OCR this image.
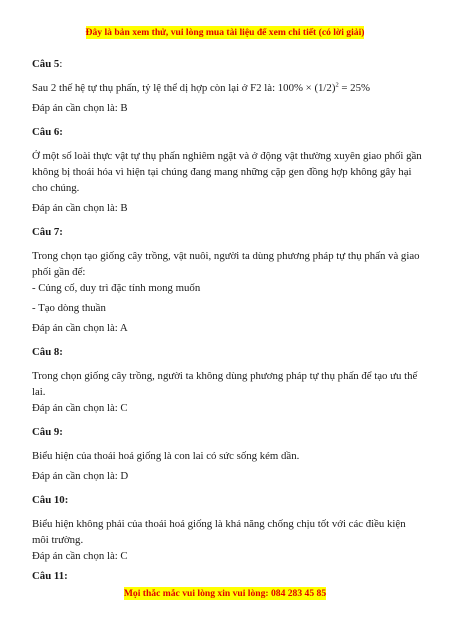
Đây là bản xem thử, vui lòng mua tài liệu để xem chi tiết (có lời giải)
Câu 5:
Sau 2 thế hệ tự thụ phấn, tỷ lệ thể dị hợp còn lại ở F2 là: $100\% \times (1/2)^2 = 25\%$
Đáp án cần chọn là: B
Câu 6:
Ở một số loài thực vật tự thụ phấn nghiêm ngặt và ở động vật thường xuyên giao phối gần không bị thoái hóa vì hiện tại chúng đang mang những cặp gen đồng hợp không gây hại cho chúng.
Đáp án cần chọn là: B
Câu 7:
Trong chọn tạo giống cây trồng, vật nuôi, người ta dùng phương pháp tự thụ phấn và giao phối gần để:
- Củng cố, duy trì đặc tính mong muốn
- Tạo dòng thuần
Đáp án cần chọn là: A
Câu 8:
Trong chọn giống cây trồng, người ta không dùng phương pháp tự thụ phấn để tạo ưu thế lai.
Đáp án cần chọn là: C
Câu 9:
Biểu hiện của thoái hoá giống là con lai có sức sống kém dần.
Đáp án cần chọn là: D
Câu 10:
Biểu hiện không phải của thoái hoá giống là khả năng chống chịu tốt với các điều kiện môi trường.
Đáp án cần chọn là: C
Câu 11:
Mọi thắc mắc vui lòng xin vui lòng: 084 283 45 85
